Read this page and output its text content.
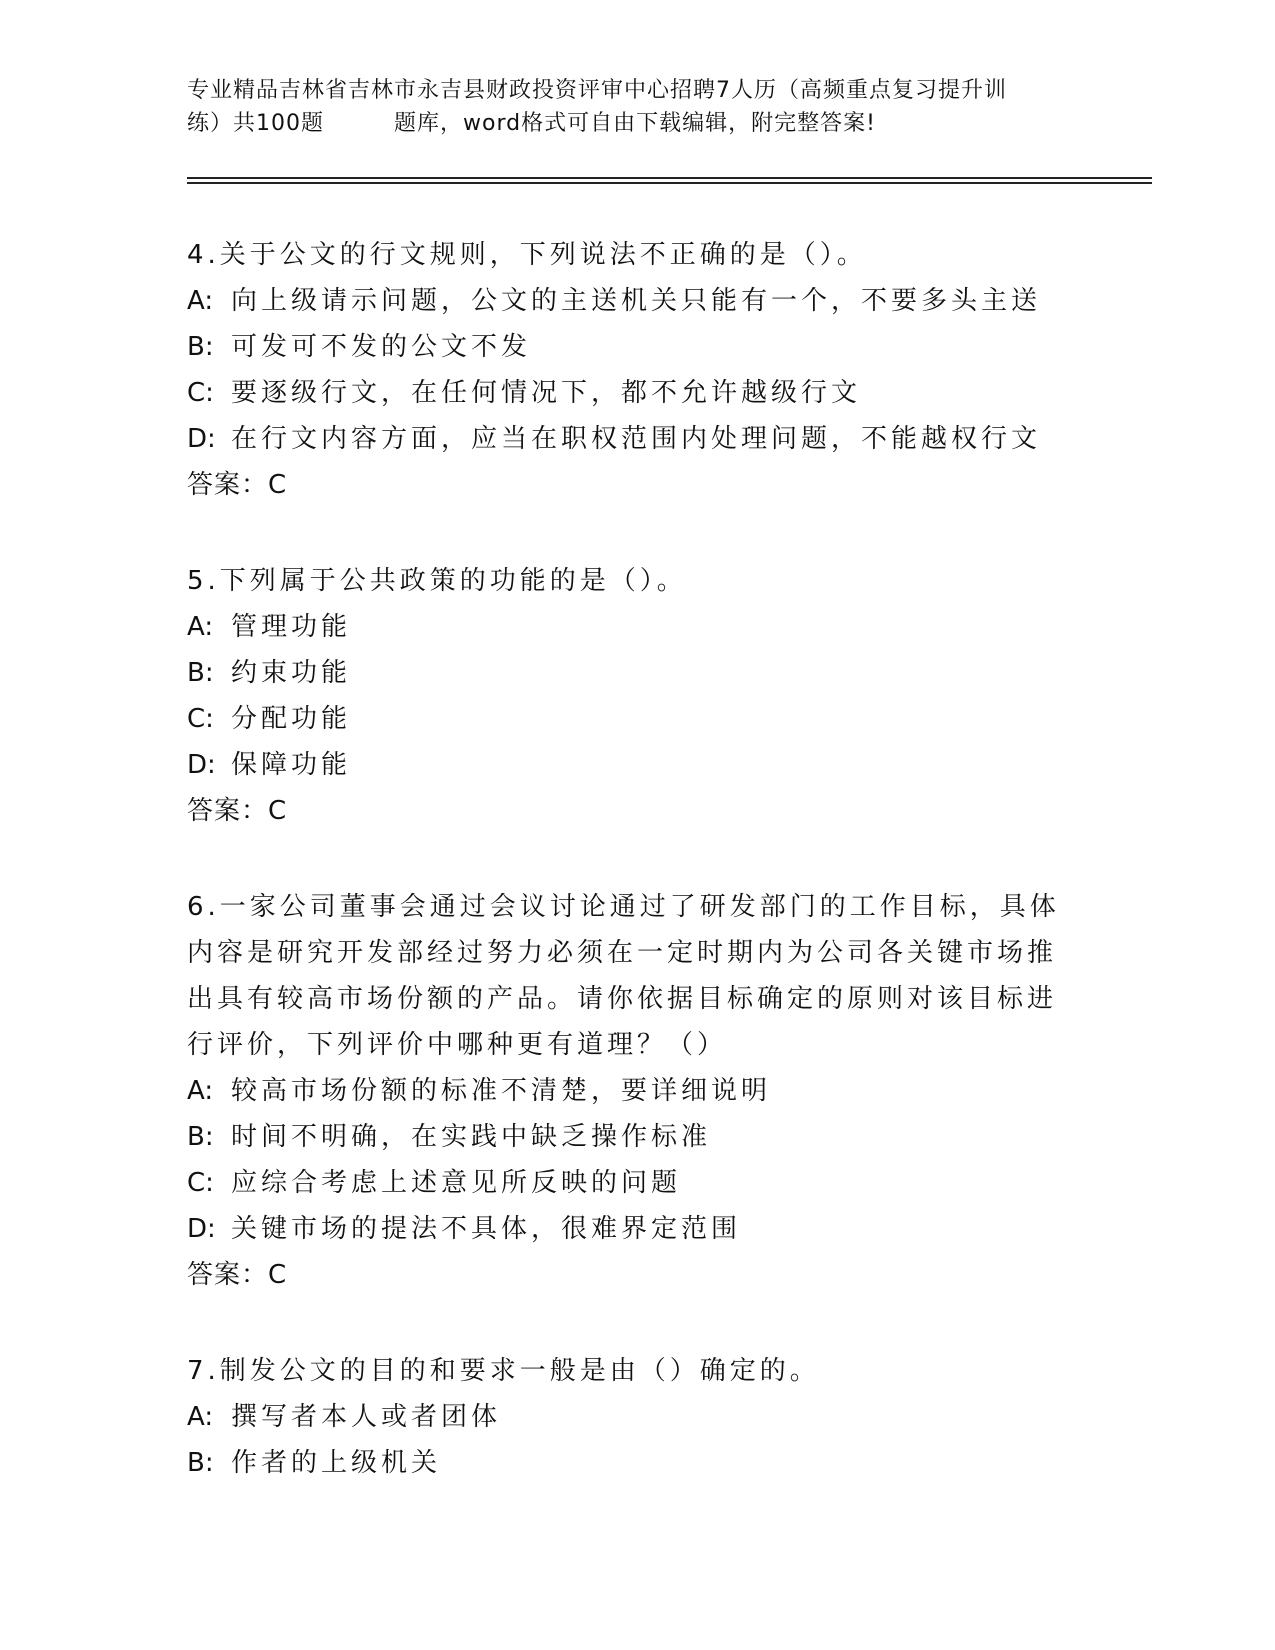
专业精品吉林省吉林市永吉县财政投资评审中心招聘7人历（高频重点复习提升训
练）共100题	题库，word格式可自由下载编辑，附完整答案!
4.关于公文的行文规则，下列说法不正确的是（）。
A: 向上级请示问题，公文的主送机关只能有一个，不要多头主送
B: 可发可不发的公文不发
C: 要逐级行文，在任何情况下，都不允许越级行文
D: 在行文内容方面，应当在职权范围内处理问题，不能越权行文
答案：C
5.下列属于公共政策的功能的是（）。
A: 管理功能
B: 约束功能
C: 分配功能
D: 保障功能
答案：C
6.一家公司董事会通过会议讨论通过了研发部门的工作目标，具体内容是研究开发部经过努力必须在一定时期内为公司各关键市场推出具有较高市场份额的产品。请你依据目标确定的原则对该目标进行评价，下列评价中哪种更有道理？（）
A: 较高市场份额的标准不清楚，要详细说明
B: 时间不明确，在实践中缺乏操作标准
C: 应综合考虑上述意见所反映的问题
D: 关键市场的提法不具体，很难界定范围
答案：C
7.制发公文的目的和要求一般是由（）确定的。
A: 撰写者本人或者团体
B: 作者的上级机关
